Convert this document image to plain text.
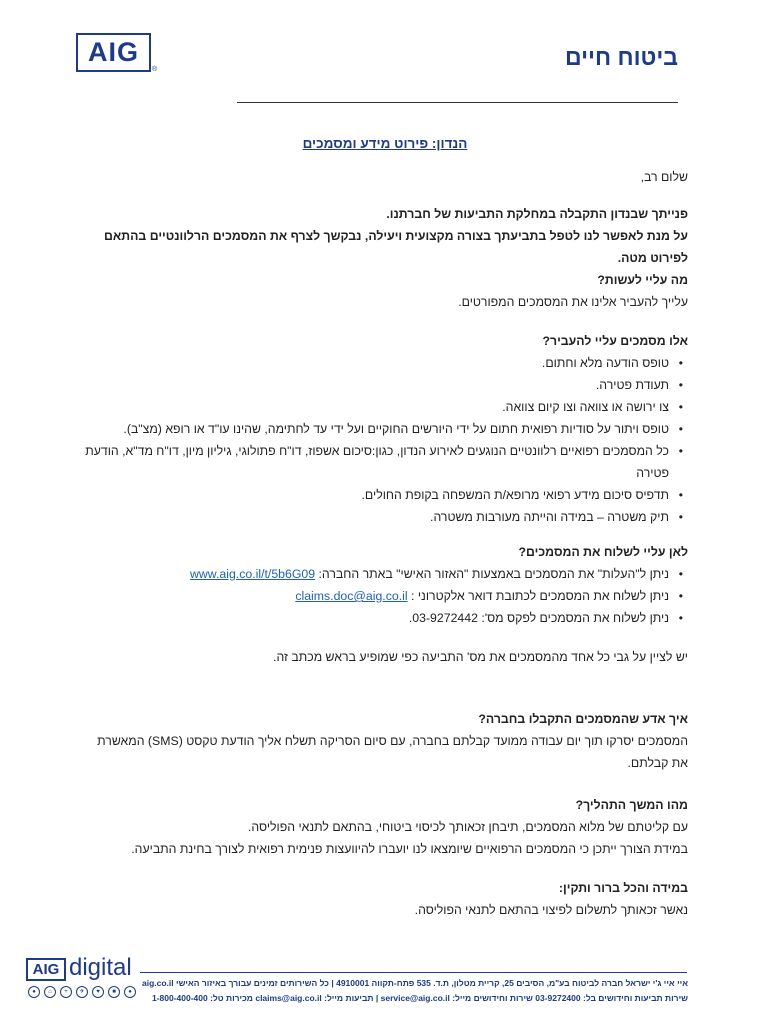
AIG
®	ביטוח חיים
הנדון: פירוט מידע ומסמכים
שלום רב,
פנייתך שבנדון התקבלה במחלקת התביעות של חברתנו.
על מנת לאפשר לנו לטפל בתביעתך בצורה מקצועית ויעילה, נבקשך לצרף את המסמכים הרלוונטיים בהתאם לפירוט מטה.
מה עליי לעשות?
עלייך להעביר אלינו את המסמכים המפורטים.
אלו מסמכים עליי להעביר?
• טופס הודעה מלא וחתום.
• תעודת פטירה.
• צו ירושה או צוואה וצו קיום צוואה.
• טופס ויתור על סודיות רפואית חתום על ידי היורשים החוקיים ועל ידי עד לחתימה, שהינו עו"ד או רופא (מצ"ב).
• כל המסמכים רפואיים רלוונטיים הנוגעים לאירוע הנדון, כגון:סיכום אשפוז, דו"ח פתולוגי, גיליון מיון, דו"ח מד"א, הודעת פטירה
• תדפיס סיכום מידע רפואי מרופא/ת המשפחה בקופת החולים.
• תיק משטרה – במידה והייתה מעורבות משטרה.
לאן עליי לשלוח את המסמכים?
• ניתן ל"העלות" את המסמכים באמצעות "האזור האישי" באתר החברה: www.aig.co.il/t/5b6G09
• ניתן לשלוח את המסמכים לכתובת דואר אלקטרוני : claims.doc@aig.co.il
• ניתן לשלוח את המסמכים לפקס מס': 03-9272442.
יש לציין על גבי כל אחד מהמסמכים את מס' התביעה כפי שמופיע בראש מכתב זה.
איך אדע שהמסמכים התקבלו בחברה?
המסמכים יסרקו תוך יום עבודה ממועד קבלתם בחברה, עם סיום הסריקה תשלח אליך הודעת טקסט (SMS) המאשרת את קבלתם.
מהו המשך התהליך?
עם קליטתם של מלוא המסמכים, תיבחן זכאותך לכיסוי ביטוחי, בהתאם לתנאי הפוליסה.
במידת הצורך ייתכן כי המסמכים הרפואיים שיומצאו לנו יועברו להיוועצות פנימית רפואית לצורך בחינת התביעה.
במידה והכל ברור ותקין:
נאשר זכאותך לתשלום לפיצוי בהתאם לתנאי הפוליסה.
AIG digital
●	⌂	+	✈	♥	■	●
איי איי ג'י ישראל חברה לביטוח בע"מ, הסיבים 25, קריית מטלון, ת.ד. 535 פתח-תקווה 4910001 | כל השירותים זמינים עבורך באיזור האישי aig.co.il
שירות תביעות וחידושים בל: 03-9272400 שירות וחידושים מייל: service@aig.co.il | תביעות מייל: claims@aig.co.il מכירות טל: 1-800-400-400
